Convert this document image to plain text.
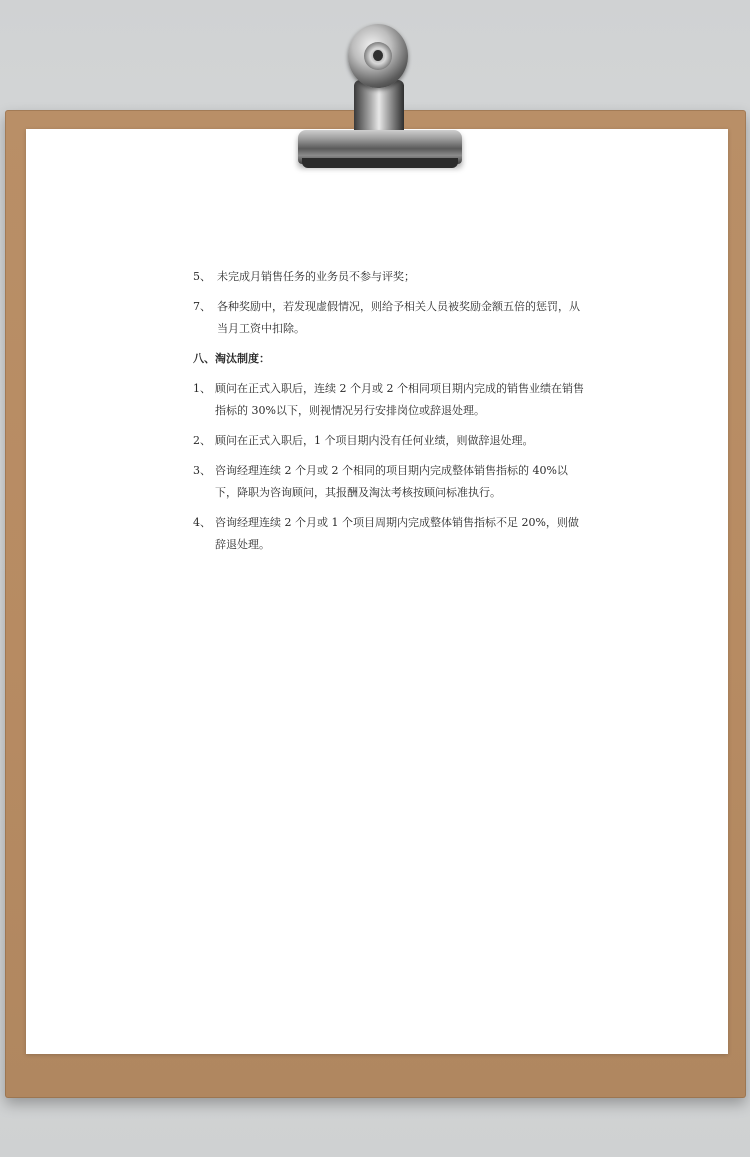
5、 未完成月销售任务的业务员不参与评奖；
7、 各种奖励中，若发现虚假情况，则给予相关人员被奖励金额五倍的惩罚，从当月工资中扣除。
八、淘汰制度：
1、 顾问在正式入职后，连续 2 个月或 2 个相同项目期内完成的销售业绩在销售指标的 30%以下，则视情况另行安排岗位或辞退处理。
2、 顾问在正式入职后，1 个项目期内没有任何业绩，则做辞退处理。
3、 咨询经理连续 2 个月或 2 个相同的项目期内完成整体销售指标的 40%以下，降职为咨询顾问，其报酬及淘汰考核按顾问标准执行。
4、 咨询经理连续 2 个月或 1 个项目周期内完成整体销售指标不足 20%，则做辞退处理。
